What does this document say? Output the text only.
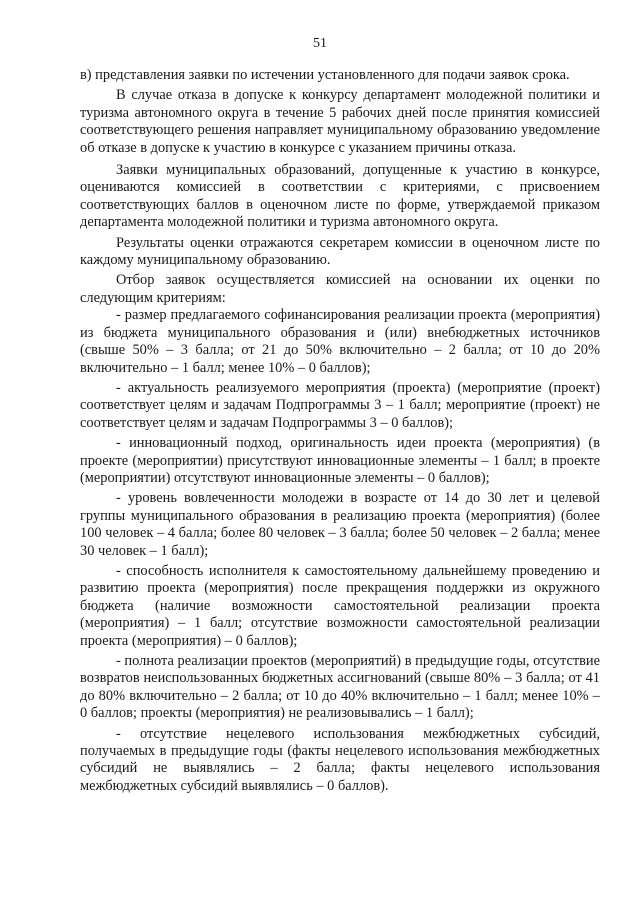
51

в) представления заявки по истечении установленного для подачи заявок срока.

В случае отказа в допуске к конкурсу департамент молодежной политики и туризма автономного округа в течение 5 рабочих дней после принятия комиссией соответствующего решения направляет муниципальному образованию уведомление об отказе в допуске к участию в конкурсе с указанием причины отказа.

Заявки муниципальных образований, допущенные к участию в конкурсе, оцениваются комиссией в соответствии с критериями, с присвоением соответствующих баллов в оценочном листе по форме, утверждаемой приказом департамента молодежной политики и туризма автономного округа.

Результаты оценки отражаются секретарем комиссии в оценочном листе по каждому муниципальному образованию.

Отбор заявок осуществляется комиссией на основании их оценки по следующим критериям:

- размер предлагаемого софинансирования реализации проекта (мероприятия) из бюджета муниципального образования и (или) внебюджетных источников (свыше 50% – 3 балла; от 21 до 50% включительно – 2 балла; от 10 до 20% включительно – 1 балл; менее 10% – 0 баллов);

- актуальность реализуемого мероприятия (проекта) (мероприятие (проект) соответствует целям и задачам Подпрограммы 3 – 1 балл; мероприятие (проект) не соответствует целям и задачам Подпрограммы 3 – 0 баллов);

- инновационный подход, оригинальность идеи проекта (мероприятия) (в проекте (мероприятии) присутствуют инновационные элементы – 1 балл; в проекте (мероприятии) отсутствуют инновационные элементы – 0 баллов);

- уровень вовлеченности молодежи в возрасте от 14 до 30 лет и целевой группы муниципального образования в реализацию проекта (мероприятия) (более 100 человек – 4 балла; более 80 человек – 3 балла; более 50 человек – 2 балла; менее 30 человек – 1 балл);

- способность исполнителя к самостоятельному дальнейшему проведению и развитию проекта (мероприятия) после прекращения поддержки из окружного бюджета (наличие возможности самостоятельной реализации проекта (мероприятия) – 1 балл; отсутствие возможности самостоятельной реализации проекта (мероприятия) – 0 баллов);

- полнота реализации проектов (мероприятий) в предыдущие годы, отсутствие возвратов неиспользованных бюджетных ассигнований (свыше 80% – 3 балла; от 41 до 80% включительно – 2 балла; от 10 до 40% включительно – 1 балл; менее 10% – 0 баллов; проекты (мероприятия) не реализовывались – 1 балл);

- отсутствие нецелевого использования межбюджетных субсидий, получаемых в предыдущие годы (факты нецелевого использования межбюджетных субсидий не выявлялись – 2 балла; факты нецелевого использования межбюджетных субсидий выявлялись – 0 баллов).
